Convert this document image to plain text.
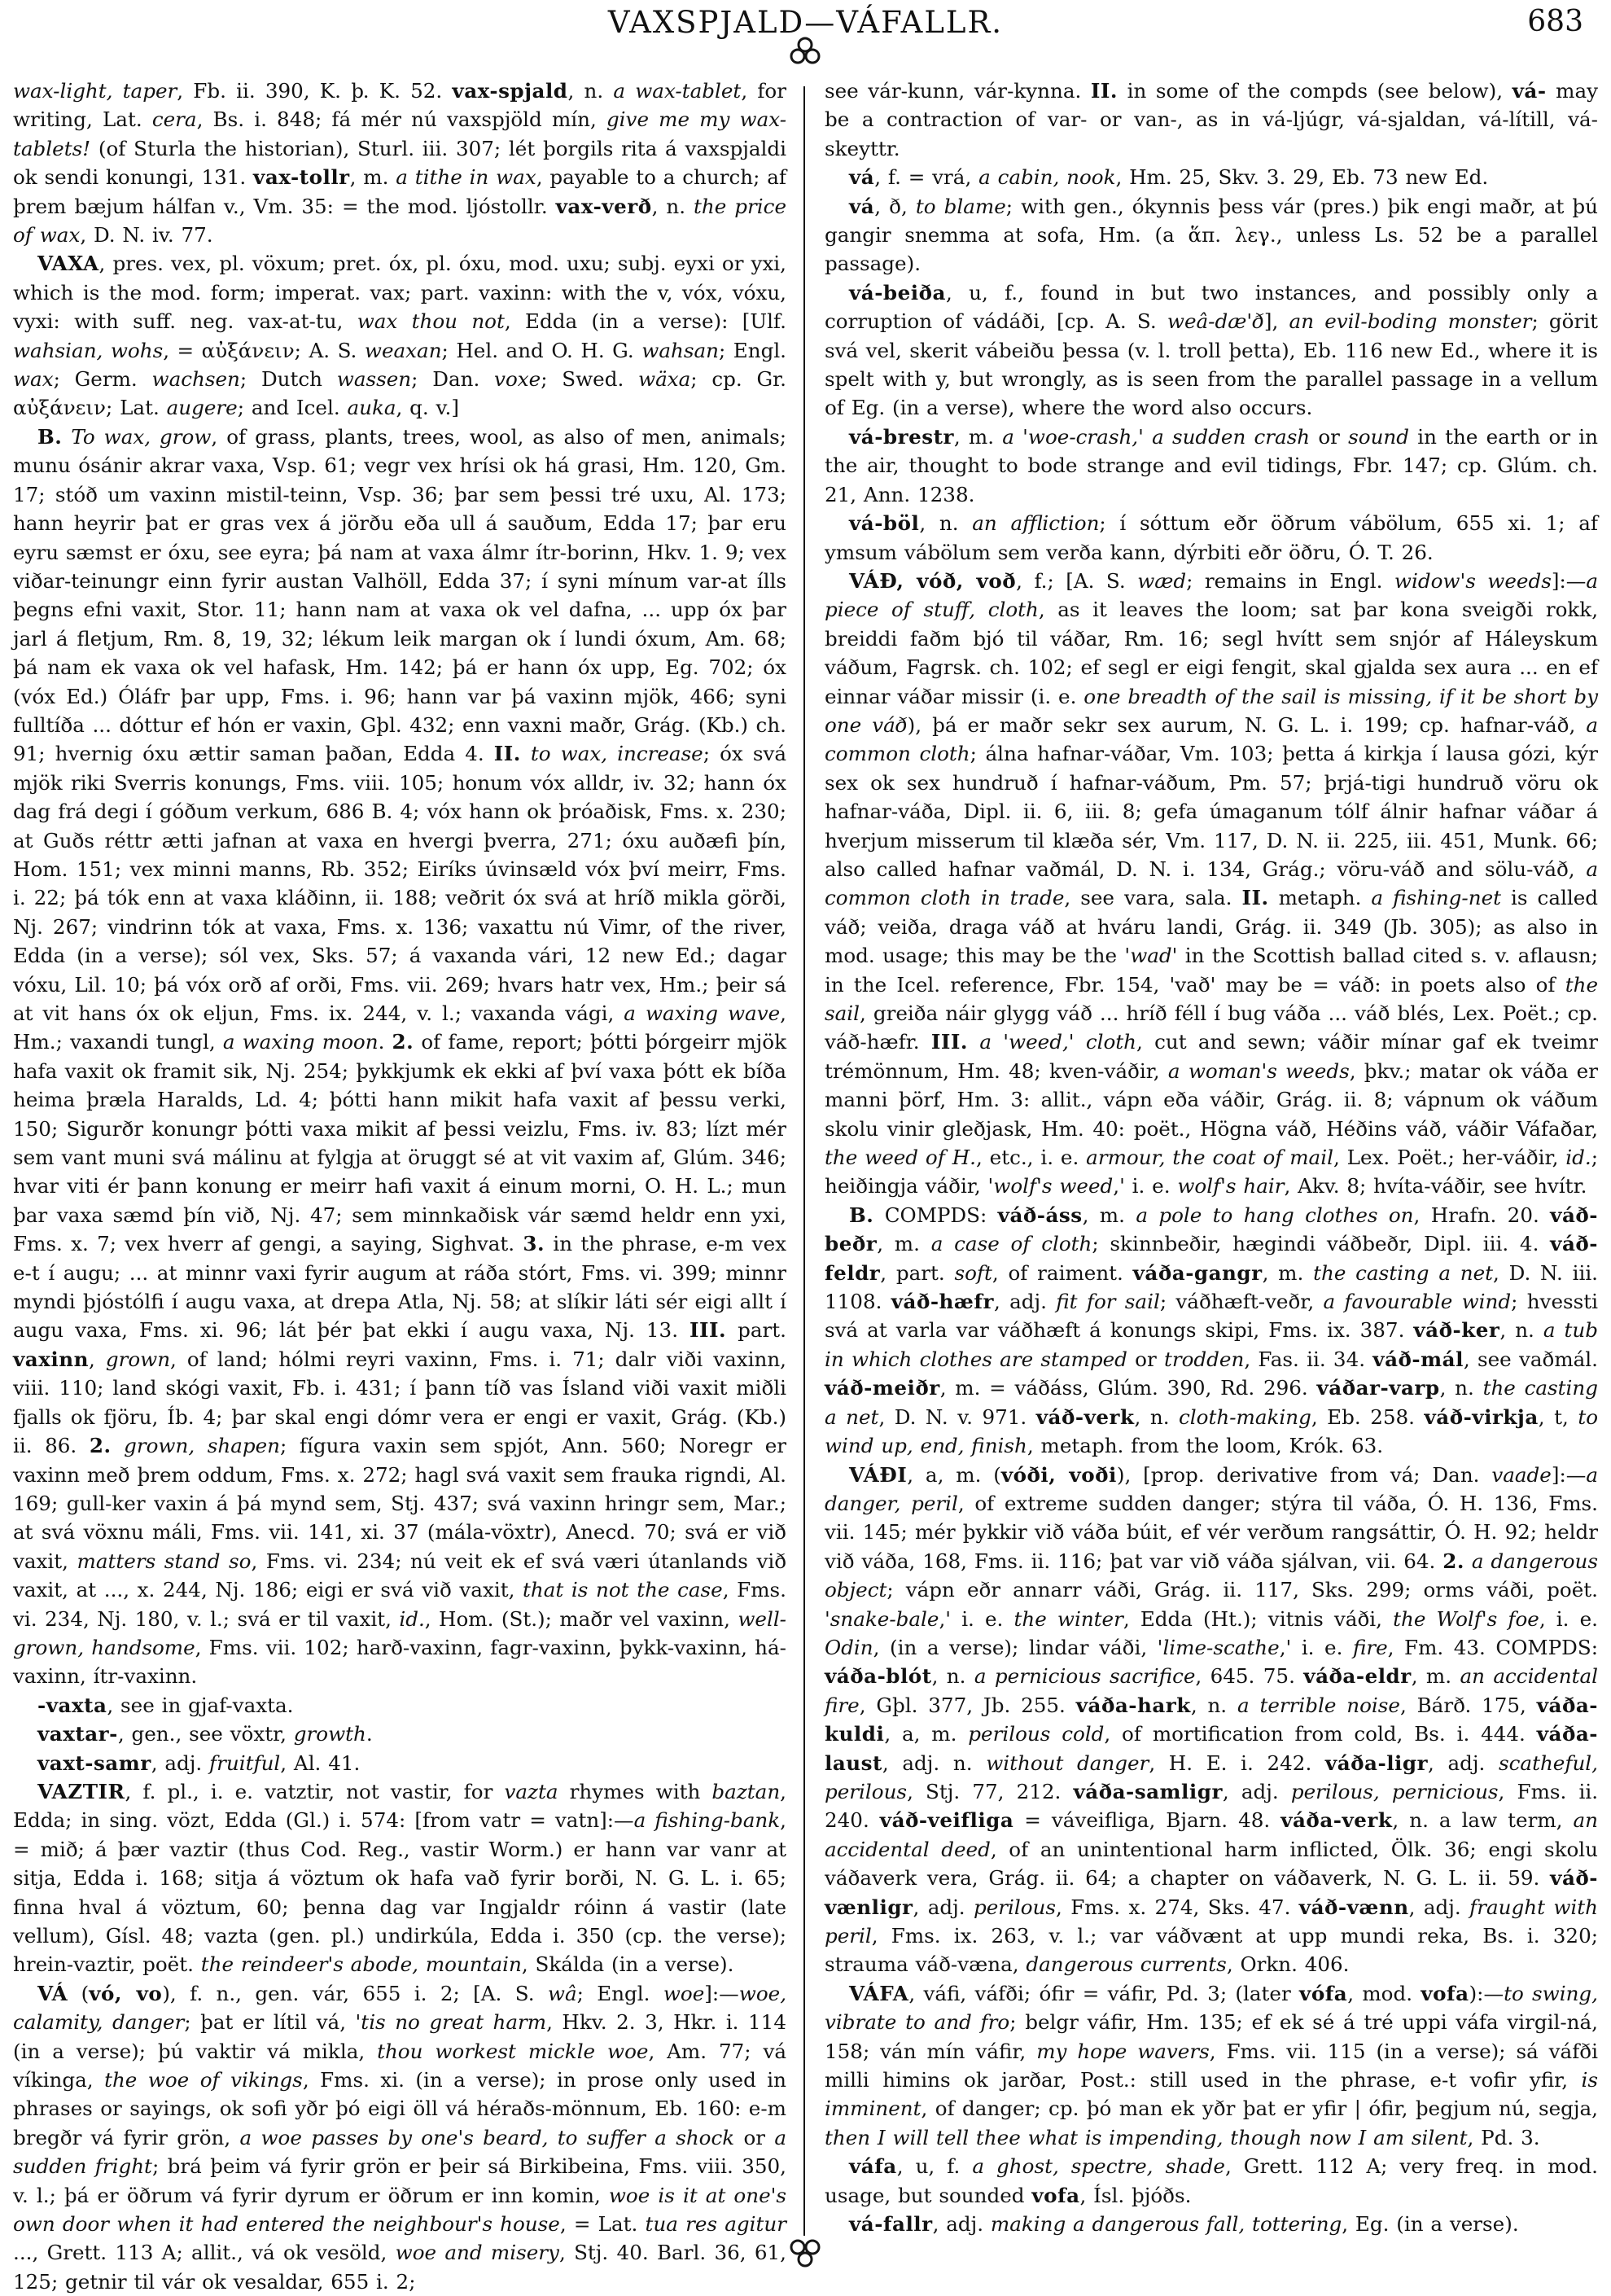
VAXSPJALD—VÁFALLR.	683

wax-light, taper, Fb. ii. 390, K. þ. K. 52. vax-spjald, n. a wax-tablet, for writing, Lat. cera, Bs. i. 848; fá mér nú vaxspjöld mín, give me my wax-tablets! (of Sturla the historian), Sturl. iii. 307; lét þorgils rita á vaxspjaldi ok sendi konungi, 131. vax-tollr, m. a tithe in wax, payable to a church; af þrem bæjum hálfan v., Vm. 35: = the mod. ljóstollr. vax-verð, n. the price of wax, D. N. iv. 77.

VAXA, pres. vex, pl. vöxum; pret. óx, pl. óxu, mod. uxu; subj. eyxi or yxi, which is the mod. form; imperat. vax; part. vaxinn: with the v, vóx, vóxu, vyxi: with suff. neg. vax-at-tu, wax thou not, Edda (in a verse): [Ulf. wahsian, wohs, = αὐξάνειν; A. S. weaxan; Hel. and O. H. G. wahsan; Engl. wax; Germ. wachsen; Dutch wassen; Dan. voxe; Swed. wäxa; cp. Gr. αὐξάνειν; Lat. augere; and Icel. auka, q. v.]

B. To wax, grow, of grass, plants, trees, wool, as also of men, animals; munu ósánir akrar vaxa, Vsp. 61; vegr vex hrísi ok há grasi, Hm. 120, Gm. 17; stóð um vaxinn mistil-teinn, Vsp. 36; þar sem þessi tré uxu, Al. 173; hann heyrir þat er gras vex á jörðu eða ull á sauðum, Edda 17; þar eru eyru sæmst er óxu, see eyra; þá nam at vaxa álmr ítr-borinn, Hkv. 1. 9; vex viðar-teinungr einn fyrir austan Valhöll, Edda 37; í syni mínum var-at ílls þegns efni vaxit, Stor. 11; hann nam at vaxa ok vel dafna, ... upp óx þar jarl á fletjum, Rm. 8, 19, 32; lékum leik margan ok í lundi óxum, Am. 68; þá nam ek vaxa ok vel hafask, Hm. 142; þá er hann óx upp, Eg. 702; óx (vóx Ed.) Óláfr þar upp, Fms. i. 96; hann var þá vaxinn mjök, 466; syni fulltíða ... dóttur ef hón er vaxin, Gþl. 432; enn vaxni maðr, Grág. (Kb.) ch. 91; hvernig óxu ættir saman þaðan, Edda 4. II. to wax, increase; óx svá mjök riki Sverris konungs, Fms. viii. 105; honum vóx alldr, iv. 32; hann óx dag frá degi í góðum verkum, 686 B. 4; vóx hann ok þróaðisk, Fms. x. 230; at Guðs réttr ætti jafnan at vaxa en hvergi þverra, 271; óxu auðæfi þín, Hom. 151; vex minni manns, Rb. 352; Eiríks úvinsæld vóx því meirr, Fms. i. 22; þá tók enn at vaxa kláðinn, ii. 188; veðrit óx svá at hríð mikla görði, Nj. 267; vindrinn tók at vaxa, Fms. x. 136; vaxattu nú Vimr, of the river, Edda (in a verse); sól vex, Sks. 57; á vaxanda vári, 12 new Ed.; dagar vóxu, Lil. 10; þá vóx orð af orði, Fms. vii. 269; hvars hatr vex, Hm.; þeir sá at vit hans óx ok eljun, Fms. ix. 244, v. l.; vaxanda vági, a waxing wave, Hm.; vaxandi tungl, a waxing moon. 2. of fame, report; þótti þórgeirr mjök hafa vaxit ok framit sik, Nj. 254; þykkjumk ek ekki af því vaxa þótt ek bíða heima þræla Haralds, Ld. 4; þótti hann mikit hafa vaxit af þessu verki, 150; Sigurðr konungr þótti vaxa mikit af þessi veizlu, Fms. iv. 83; lízt mér sem vant muni svá málinu at fylgja at öruggt sé at vit vaxim af, Glúm. 346; hvar viti ér þann konung er meirr hafi vaxit á einum morni, O. H. L.; mun þar vaxa sæmd þín við, Nj. 47; sem minnkaðisk vár sæmd heldr enn yxi, Fms. x. 7; vex hverr af gengi, a saying, Sighvat. 3. in the phrase, e-m vex e-t í augu; ... at minnr vaxi fyrir augum at ráða stórt, Fms. vi. 399; minnr myndi þjóstólfi í augu vaxa, at drepa Atla, Nj. 58; at slíkir láti sér eigi allt í augu vaxa, Fms. xi. 96; lát þér þat ekki í augu vaxa, Nj. 13. III. part. vaxinn, grown, of land; hólmi reyri vaxinn, Fms. i. 71; dalr viði vaxinn, viii. 110; land skógi vaxit, Fb. i. 431; í þann tíð vas Ísland viði vaxit miðli fjalls ok fjöru, Íb. 4; þar skal engi dómr vera er engi er vaxit, Grág. (Kb.) ii. 86. 2. grown, shapen; fígura vaxin sem spjót, Ann. 560; Noregr er vaxinn með þrem oddum, Fms. x. 272; hagl svá vaxit sem frauka rigndi, Al. 169; gull-ker vaxin á þá mynd sem, Stj. 437; svá vaxinn hringr sem, Mar.; at svá vöxnu máli, Fms. vii. 141, xi. 37 (mála-vöxtr), Anecd. 70; svá er við vaxit, matters stand so, Fms. vi. 234; nú veit ek ef svá væri útanlands við vaxit, at ..., x. 244, Nj. 186; eigi er svá við vaxit, that is not the case, Fms. vi. 234, Nj. 180, v. l.; svá er til vaxit, id., Hom. (St.); maðr vel vaxinn, well-grown, handsome, Fms. vii. 102; harð-vaxinn, fagr-vaxinn, þykk-vaxinn, há-vaxinn, ítr-vaxinn.

-vaxta, see in gjaf-vaxta.

vaxtar-, gen., see vöxtr, growth.

vaxt-samr, adj. fruitful, Al. 41.

VAZTIR, f. pl., i. e. vatztir, not vastir, for vazta rhymes with baztan, Edda; in sing. vözt, Edda (Gl.) i. 574: [from vatr = vatn]:—a fishing-bank, = mið; á þær vaztir (thus Cod. Reg., vastir Worm.) er hann var vanr at sitja, Edda i. 168; sitja á vöztum ok hafa vað fyrir borði, N. G. L. i. 65; finna hval á vöztum, 60; þenna dag var Ingjaldr róinn á vastir (late vellum), Gísl. 48; vazta (gen. pl.) undirkúla, Edda i. 350 (cp. the verse); hrein-vaztir, poët. the reindeer's abode, mountain, Skálda (in a verse).

VÁ (vó, vo), f. n., gen. vár, 655 i. 2; [A. S. wâ; Engl. woe]:—woe, calamity, danger; þat er lítil vá, 'tis no great harm, Hkv. 2. 3, Hkr. i. 114 (in a verse); þú vaktir vá mikla, thou workest mickle woe, Am. 77; vá víkinga, the woe of vikings, Fms. xi. (in a verse); in prose only used in phrases or sayings, ok sofi yðr þó eigi öll vá héraðs-mönnum, Eb. 160: e-m bregðr vá fyrir grön, a woe passes by one's beard, to suffer a shock or a sudden fright; brá þeim vá fyrir grön er þeir sá Birkibeina, Fms. viii. 350, v. l.; þá er öðrum vá fyrir dyrum er öðrum er inn komin, woe is it at one's own door when it had entered the neighbour's house, = Lat. tua res agitur ..., Grett. 113 A; allit., vá ok vesöld, woe and misery, Stj. 40. Barl. 36, 61, 125; getnir til vár ok vesaldar, 655 i. 2;

see vár-kunn, vár-kynna. II. in some of the compds (see below), vá- may be a contraction of var- or van-, as in vá-ljúgr, vá-sjaldan, vá-lítill, vá-skeyttr.

vá, f. = vrá, a cabin, nook, Hm. 25, Skv. 3. 29, Eb. 73 new Ed.

vá, ð, to blame; with gen., ókynnis þess vár (pres.) þik engi maðr, at þú gangir snemma at sofa, Hm. (a ἅπ. λεγ., unless Ls. 52 be a parallel passage).

vá-beiða, u, f., found in but two instances, and possibly only a corruption of vádáði, [cp. A. S. weâ-dæ'ð], an evil-boding monster; görit svá vel, skerit vábeiðu þessa (v. l. troll þetta), Eb. 116 new Ed., where it is spelt with y, but wrongly, as is seen from the parallel passage in a vellum of Eg. (in a verse), where the word also occurs.

vá-brestr, m. a 'woe-crash,' a sudden crash or sound in the earth or in the air, thought to bode strange and evil tidings, Fbr. 147; cp. Glúm. ch. 21, Ann. 1238.

vá-böl, n. an affliction; í sóttum eðr öðrum vábölum, 655 xi. 1; af ymsum vábölum sem verða kann, dýrbiti eðr öðru, Ó. T. 26.

VÁÐ, vóð, voð, f.; [A. S. wæd; remains in Engl. widow's weeds]:—a piece of stuff, cloth, as it leaves the loom; sat þar kona sveigði rokk, breiddi faðm bjó til váðar, Rm. 16; segl hvítt sem snjór af Háleyskum váðum, Fagrsk. ch. 102; ef segl er eigi fengit, skal gjalda sex aura ... en ef einnar váðar missir (i. e. one breadth of the sail is missing, if it be short by one váð), þá er maðr sekr sex aurum, N. G. L. i. 199; cp. hafnar-váð, a common cloth; álna hafnar-váðar, Vm. 103; þetta á kirkja í lausa gózi, kýr sex ok sex hundruð í hafnar-váðum, Pm. 57; þrjá-tigi hundruð vöru ok hafnar-váða, Dipl. ii. 6, iii. 8; gefa úmaganum tólf álnir hafnar váðar á hverjum misserum til klæða sér, Vm. 117, D. N. ii. 225, iii. 451, Munk. 66; also called hafnar vaðmál, D. N. i. 134, Grág.; vöru-váð and sölu-váð, a common cloth in trade, see vara, sala. II. metaph. a fishing-net is called váð; veiða, draga váð at hváru landi, Grág. ii. 349 (Jb. 305); as also in mod. usage; this may be the 'wad' in the Scottish ballad cited s. v. aflausn; in the Icel. reference, Fbr. 154, 'vað' may be = váð: in poets also of the sail, greiða náir glygg váð ... hríð féll í bug váða ... váð blés, Lex. Poët.; cp. váð-hæfr. III. a 'weed,' cloth, cut and sewn; váðir mínar gaf ek tveimr trémönnum, Hm. 48; kven-váðir, a woman's weeds, þkv.; matar ok váða er manni þörf, Hm. 3: allit., vápn eða váðir, Grág. ii. 8; vápnum ok váðum skolu vinir gleðjask, Hm. 40: poët., Högna váð, Héðins váð, váðir Váfaðar, the weed of H., etc., i. e. armour, the coat of mail, Lex. Poët.; her-váðir, id.; heiðingja váðir, 'wolf's weed,' i. e. wolf's hair, Akv. 8; hvíta-váðir, see hvítr.

B. COMPDS: váð-áss, m. a pole to hang clothes on, Hrafn. 20. váð-beðr, m. a case of cloth; skinnbeðir, hægindi váðbeðr, Dipl. iii. 4. váð-feldr, part. soft, of raiment. váða-gangr, m. the casting a net, D. N. iii. 1108. váð-hæfr, adj. fit for sail; váðhæft-veðr, a favourable wind; hvessti svá at varla var váðhæft á konungs skipi, Fms. ix. 387. váð-ker, n. a tub in which clothes are stamped or trodden, Fas. ii. 34. váð-mál, see vaðmál. váð-meiðr, m. = váðáss, Glúm. 390, Rd. 296. váðar-varp, n. the casting a net, D. N. v. 971. váð-verk, n. cloth-making, Eb. 258. váð-virkja, t, to wind up, end, finish, metaph. from the loom, Krók. 63.

VÁÐI, a, m. (vóði, voði), [prop. derivative from vá; Dan. vaade]:—a danger, peril, of extreme sudden danger; stýra til váða, Ó. H. 136, Fms. vii. 145; mér þykkir við váða búit, ef vér verðum rangsáttir, Ó. H. 92; heldr við váða, 168, Fms. ii. 116; þat var við váða sjálvan, vii. 64. 2. a dangerous object; vápn eðr annarr váði, Grág. ii. 117, Sks. 299; orms váði, poët. 'snake-bale,' i. e. the winter, Edda (Ht.); vitnis váði, the Wolf's foe, i. e. Odin, (in a verse); lindar váði, 'lime-scathe,' i. e. fire, Fm. 43. COMPDS: váða-blót, n. a pernicious sacrifice, 645. 75. váða-eldr, m. an accidental fire, Gþl. 377, Jb. 255. váða-hark, n. a terrible noise, Bárð. 175, váða-kuldi, a, m. perilous cold, of mortification from cold, Bs. i. 444. váða-laust, adj. n. without danger, H. E. i. 242. váða-ligr, adj. scatheful, perilous, Stj. 77, 212. váða-samligr, adj. perilous, pernicious, Fms. ii. 240. váð-veifliga = váveifliga, Bjarn. 48. váða-verk, n. a law term, an accidental deed, of an unintentional harm inflicted, Ölk. 36; engi skolu váðaverk vera, Grág. ii. 64; a chapter on váðaverk, N. G. L. ii. 59. váð-vænligr, adj. perilous, Fms. x. 274, Sks. 47. váð-vænn, adj. fraught with peril, Fms. ix. 263, v. l.; var váðvænt at upp mundi reka, Bs. i. 320; strauma váð-væna, dangerous currents, Orkn. 406.

VÁFA, váfi, váfði; ófir = váfir, Pd. 3; (later vófa, mod. vofa):—to swing, vibrate to and fro; belgr váfir, Hm. 135; ef ek sé á tré uppi váfa virgil-ná, 158; ván mín váfir, my hope wavers, Fms. vii. 115 (in a verse); sá váfði milli himins ok jarðar, Post.: still used in the phrase, e-t vofir yfir, is imminent, of danger; cp. þó man ek yðr þat er yfir | ófir, þegjum nú, segja, then I will tell thee what is impending, though now I am silent, Pd. 3.

váfa, u, f. a ghost, spectre, shade, Grett. 112 A; very freq. in mod. usage, but sounded vofa, Ísl. þjóðs.

vá-fallr, adj. making a dangerous fall, tottering, Eg. (in a verse).
